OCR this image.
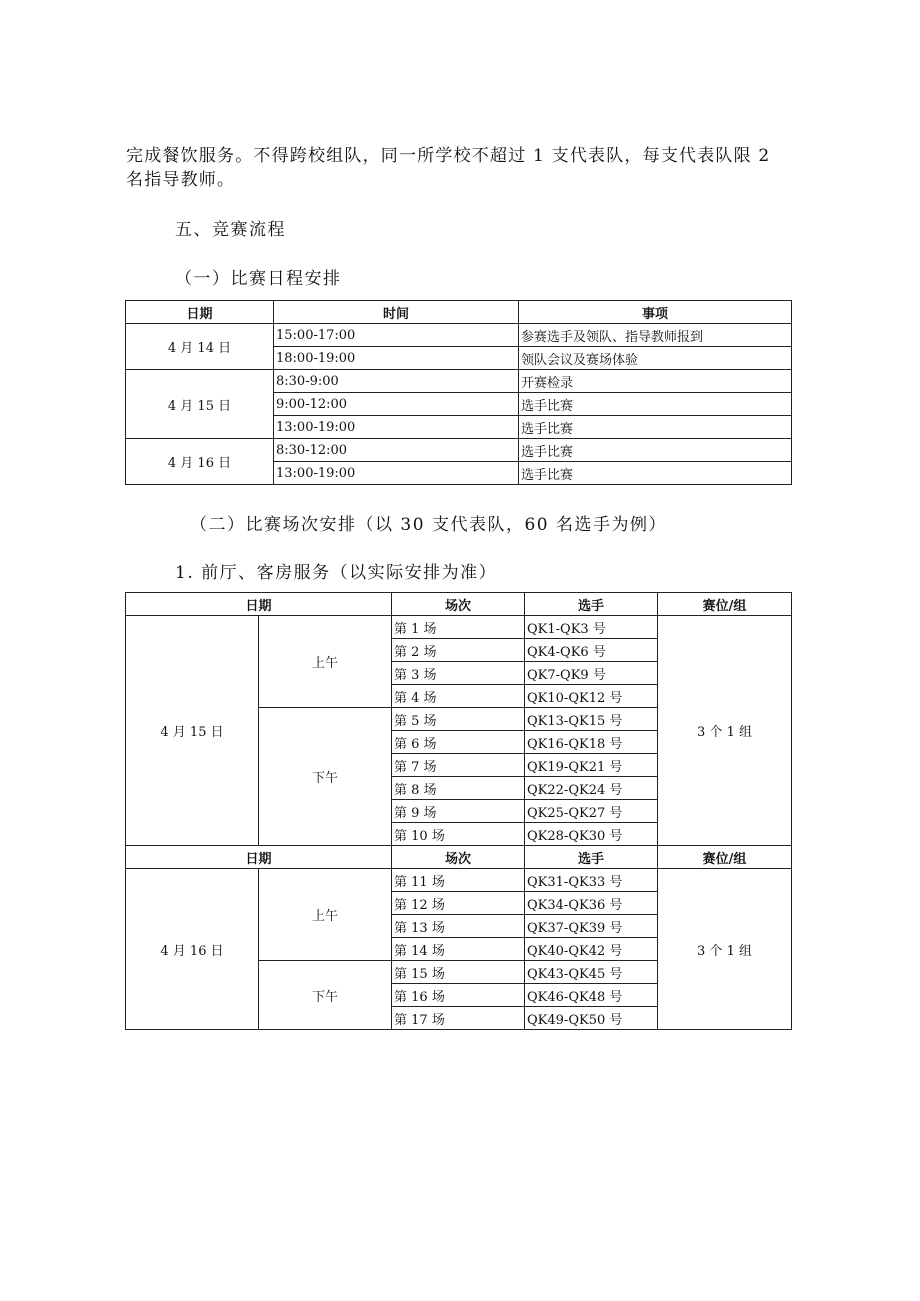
完成餐饮服务。不得跨校组队，同一所学校不超过 1 支代表队，每支代表队限 2
名指导教师。
五、竞赛流程
（一）比赛日程安排
日期	时间	事项
4 月 14 日	15:00-17:00	参赛选手及领队、指导教师报到
	18:00-19:00	领队会议及赛场体验
4 月 15 日	8:30-9:00	开赛检录
	9:00-12:00	选手比赛
	13:00-19:00	选手比赛
4 月 16 日	8:30-12:00	选手比赛
	13:00-19:00	选手比赛
（二）比赛场次安排（以 30 支代表队，60 名选手为例）
1. 前厅、客房服务（以实际安排为准）
日期		场次	选手	赛位/组
4 月 15 日	上午	第 1 场	QK1-QK3 号	3 个 1 组
		第 2 场	QK4-QK6 号	
		第 3 场	QK7-QK9 号	
		第 4 场	QK10-QK12 号	
	下午	第 5 场	QK13-QK15 号	
		第 6 场	QK16-QK18 号	
		第 7 场	QK19-QK21 号	
		第 8 场	QK22-QK24 号	
		第 9 场	QK25-QK27 号	
		第 10 场	QK28-QK30 号	
日期		场次	选手	赛位/组
4 月 16 日	上午	第 11 场	QK31-QK33 号	3 个 1 组
		第 12 场	QK34-QK36 号	
		第 13 场	QK37-QK39 号	
		第 14 场	QK40-QK42 号	
	下午	第 15 场	QK43-QK45 号	
		第 16 场	QK46-QK48 号	
		第 17 场	QK49-QK50 号	
